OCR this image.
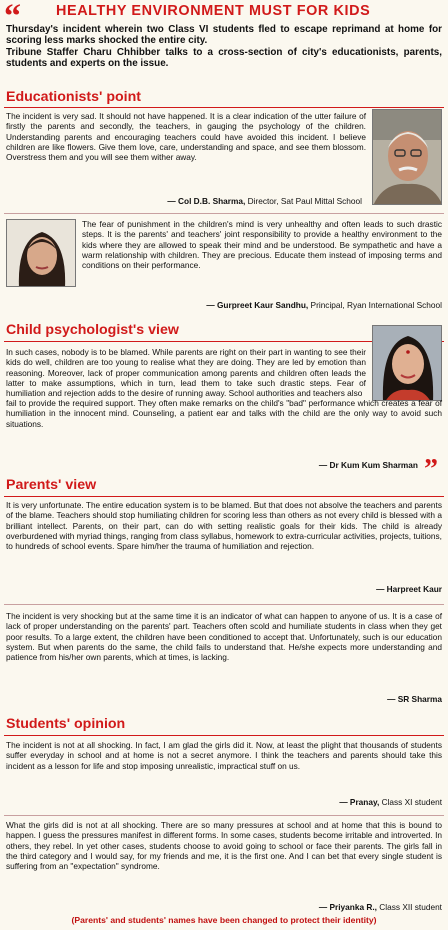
“ HEALTHY ENVIRONMENT MUST FOR KIDS
Thursday's incident wherein two Class VI students fled to escape reprimand at home for scoring less marks shocked the entire city.
Tribune Staffer Charu Chhibber talks to a cross-section of city's educationists, parents, students and experts on the issue.
Educationists' point
The incident is very sad. It should not have happened. It is a clear indication of the utter failure of firstly the parents and secondly, the teachers, in gauging the psychology of the children. Understanding parents and encouraging teachers could have avoided this incident. I believe children are like flowers. Give them love, care, understanding and space, and see them blossom. Overstress them and you will see them wither away.
— Col D.B. Sharma, Director, Sat Paul Mittal School
The fear of punishment in the children's mind is very unhealthy and often leads to such drastic steps. It is the parents' and teachers' joint responsibility to provide a healthy environment to the kids where they are allowed to speak their mind and be understood. Be sympathetic and have a warm relationship with children. They are precious. Educate them instead of imposing terms and conditions on their performance.
— Gurpreet Kaur Sandhu, Principal, Ryan International School
Child psychologist's view
In such cases, nobody is to be blamed. While parents are right on their part in wanting to see their kids do well, children are too young to realise what they are doing. They are led by emotion than reasoning. Moreover, lack of proper communication among parents and children often leads the latter to make assumptions, which in turn, lead them to take such drastic steps. Fear of humiliation and rejection adds to the desire of running away. School authorities and teachers also
fail to provide the required support. They often make remarks on the child's "bad" performance which creates a fear of humiliation in the innocent mind. Counseling, a patient ear and talks with the child are the only way to avoid such situations.
— Dr Kum Kum Sharman ”
Parents' view
It is very unfortunate. The entire education system is to be blamed. But that does not absolve the teachers and parents of the blame. Teachers should stop humiliating children for scoring less than others as not every child is blessed with a brilliant intellect. Parents, on their part, can do with setting realistic goals for their kids. The child is already overburdened with myriad things, ranging from class syllabus, homework to extra-curricular activities, projects, tuitions, to hundreds of school events. Spare him/her the trauma of humiliation and rejection.
— Harpreet Kaur
The incident is very shocking but at the same time it is an indicator of what can happen to anyone of us. It is a case of lack of proper understanding on the parents' part. Teachers often scold and humiliate students in class when they get poor results. To a large extent, the children have been conditioned to accept that. Unfortunately, such is our education system. But when parents do the same, the child fails to understand that. He/she expects more understanding and patience from his/her own parents, which at times, is lacking.
— SR Sharma
Students' opinion
The incident is not at all shocking. In fact, I am glad the girls did it. Now, at least the plight that thousands of students suffer everyday in school and at home is not a secret anymore. I think the teachers and parents should take this incident as a lesson for life and stop imposing unrealistic, impractical stuff on us.
— Pranay, Class XI student
What the girls did is not at all shocking. There are so many pressures at school and at home that this is bound to happen. I guess the pressures manifest in different forms. In some cases, students become irritable and introverted. In others, they rebel. In yet other cases, students choose to avoid going to school or face their parents. The girls fall in the third category and I would say, for my friends and me, it is the first one. And I can bet that every single student is suffering from an "expectation" syndrome.
— Priyanka R., Class XII student
(Parents' and students' names have been changed to protect their identity)
